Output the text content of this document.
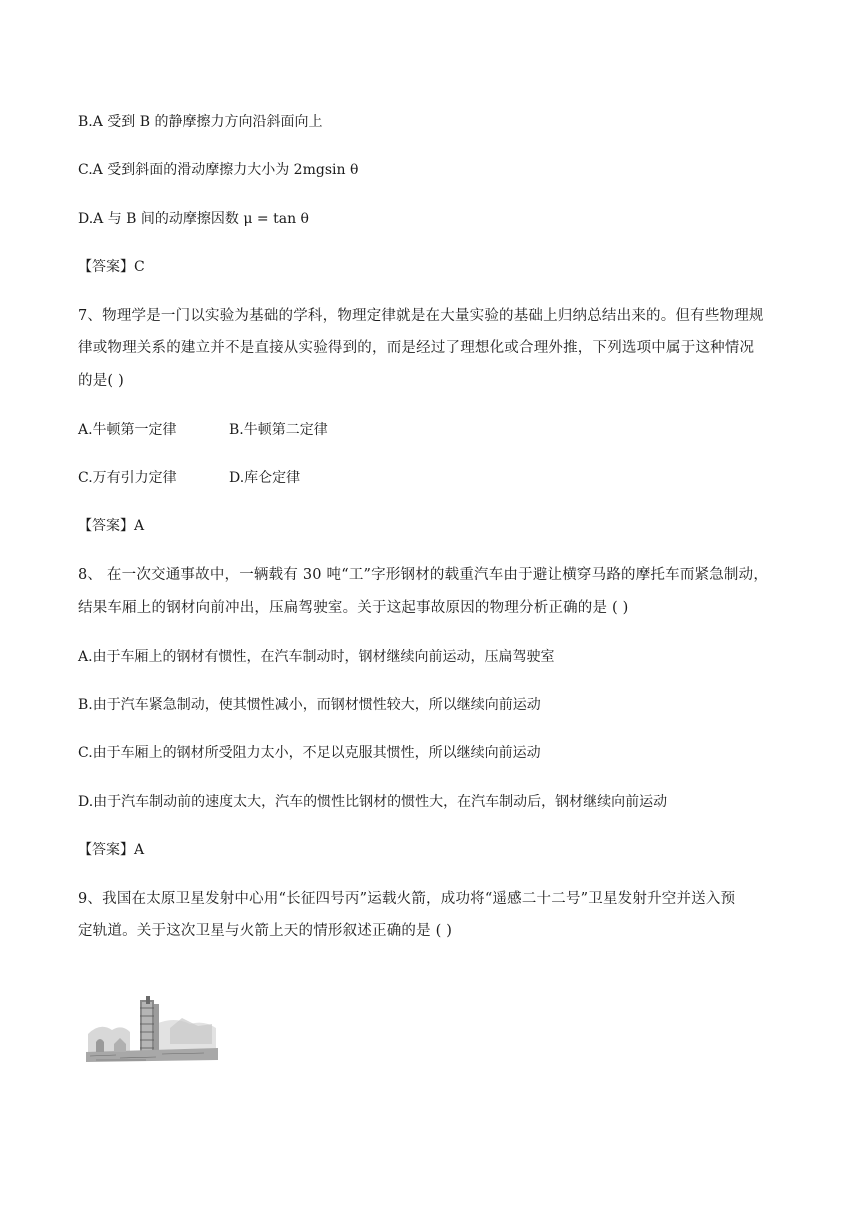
B.A 受到 B 的静摩擦力方向沿斜面向上
C.A 受到斜面的滑动摩擦力大小为 2mgsin θ
D.A 与 B 间的动摩擦因数 μ = tan θ
【答案】C
7、物理学是一门以实验为基础的学科，物理定律就是在大量实验的基础上归纳总结出来的。但有些物理规
律或物理关系的建立并不是直接从实验得到的，而是经过了理想化或合理外推，下列选项中属于这种情况
的是( )
A.牛顿第一定律	B.牛顿第二定律
C.万有引力定律	D.库仑定律
【答案】A
8、 在一次交通事故中，一辆载有 30 吨“工”字形钢材的载重汽车由于避让横穿马路的摩托车而紧急制动，
结果车厢上的钢材向前冲出，压扁驾驶室。关于这起事故原因的物理分析正确的是 ( )
A.由于车厢上的钢材有惯性，在汽车制动时，钢材继续向前运动，压扁驾驶室
B.由于汽车紧急制动，使其惯性减小，而钢材惯性较大，所以继续向前运动
C.由于车厢上的钢材所受阻力太小，不足以克服其惯性，所以继续向前运动
D.由于汽车制动前的速度太大，汽车的惯性比钢材的惯性大，在汽车制动后，钢材继续向前运动
【答案】A
9、我国在太原卫星发射中心用“长征四号丙”运载火箭，成功将“遥感二十二号”卫星发射升空并送入预
定轨道。关于这次卫星与火箭上天的情形叙述正确的是 ( )
